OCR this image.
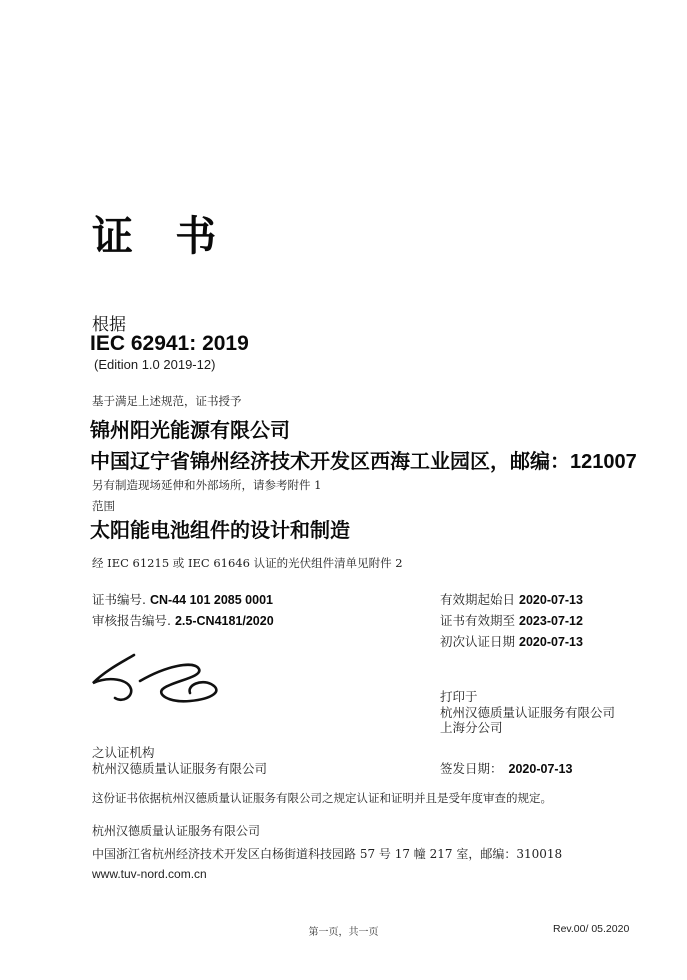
证 书
根据
IEC 62941: 2019
(Edition 1.0 2019-12)
基于满足上述规范，证书授予
锦州阳光能源有限公司
中国辽宁省锦州经济技术开发区西海工业园区，邮编：121007
另有制造现场延伸和外部场所，请参考附件 1
范围
太阳能电池组件的设计和制造
经 IEC 61215 或 IEC 61646 认证的光伏组件清单见附件 2
证书编号. CN-44 101 2085 0001
审核报告编号. 2.5-CN4181/2020
有效期起始日 2020-07-13
证书有效期至 2023-07-12
初次认证日期 2020-07-13
打印于
杭州汉德质量认证服务有限公司
上海分公司
之认证机构
杭州汉德质量认证服务有限公司	签发日期： 2020-07-13
这份证书依据杭州汉德质量认证服务有限公司之规定认证和证明并且是受年度审查的规定。
杭州汉德质量认证服务有限公司
中国浙江省杭州经济技术开发区白杨街道科技园路 57 号 17 幢 217 室，邮编：310018
www.tuv-nord.com.cn
第一页，共一页	Rev.00/ 05.2020
